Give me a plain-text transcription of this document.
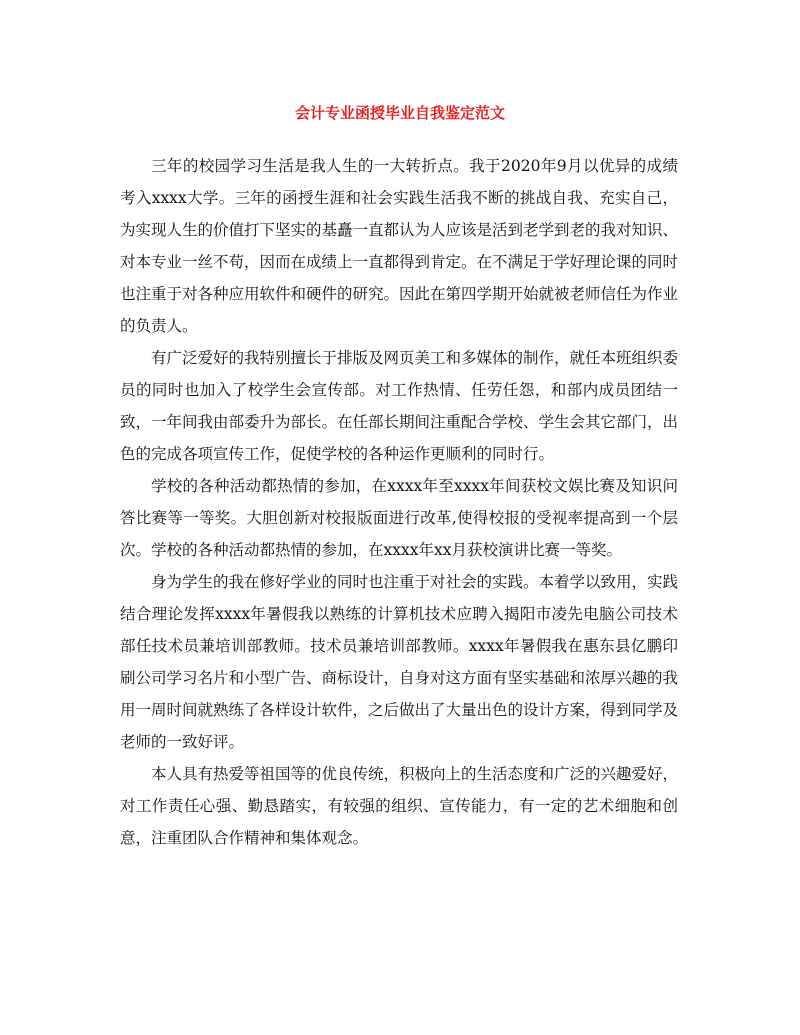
会计专业函授毕业自我鉴定范文

三年的校园学习生活是我人生的一大转折点。我于2020年9月以优异的成绩考入xxxx大学。三年的函授生涯和社会实践生活我不断的挑战自我、充实自己，为实现人生的价值打下坚实的基矗一直都认为人应该是活到老学到老的我对知识、对本专业一丝不苟，因而在成绩上一直都得到肯定。在不满足于学好理论课的同时也注重于对各种应用软件和硬件的研究。因此在第四学期开始就被老师信任为作业的负责人。

有广泛爱好的我特别擅长于排版及网页美工和多媒体的制作，就任本班组织委员的同时也加入了校学生会宣传部。对工作热情、任劳任怨，和部内成员团结一致，一年间我由部委升为部长。在任部长期间注重配合学校、学生会其它部门，出色的完成各项宣传工作，促使学校的各种运作更顺利的同时行。

学校的各种活动都热情的参加，在xxxx年至xxxx年间获校文娱比赛及知识问答比赛等一等奖。大胆创新对校报版面进行改革,使得校报的受视率提高到一个层次。学校的各种活动都热情的参加，在xxxx年xx月获校演讲比赛一等奖。

身为学生的我在修好学业的同时也注重于对社会的实践。本着学以致用，实践结合理论发挥xxxx年暑假我以熟练的计算机技术应聘入揭阳市凌先电脑公司技术部任技术员兼培训部教师。技术员兼培训部教师。xxxx年暑假我在惠东县亿鹏印刷公司学习名片和小型广告、商标设计，自身对这方面有坚实基础和浓厚兴趣的我用一周时间就熟练了各样设计软件，之后做出了大量出色的设计方案，得到同学及老师的一致好评。

本人具有热爱等祖国等的优良传统，积极向上的生活态度和广泛的兴趣爱好，对工作责任心强、勤恳踏实，有较强的组织、宣传能力，有一定的艺术细胞和创意，注重团队合作精神和集体观念。
